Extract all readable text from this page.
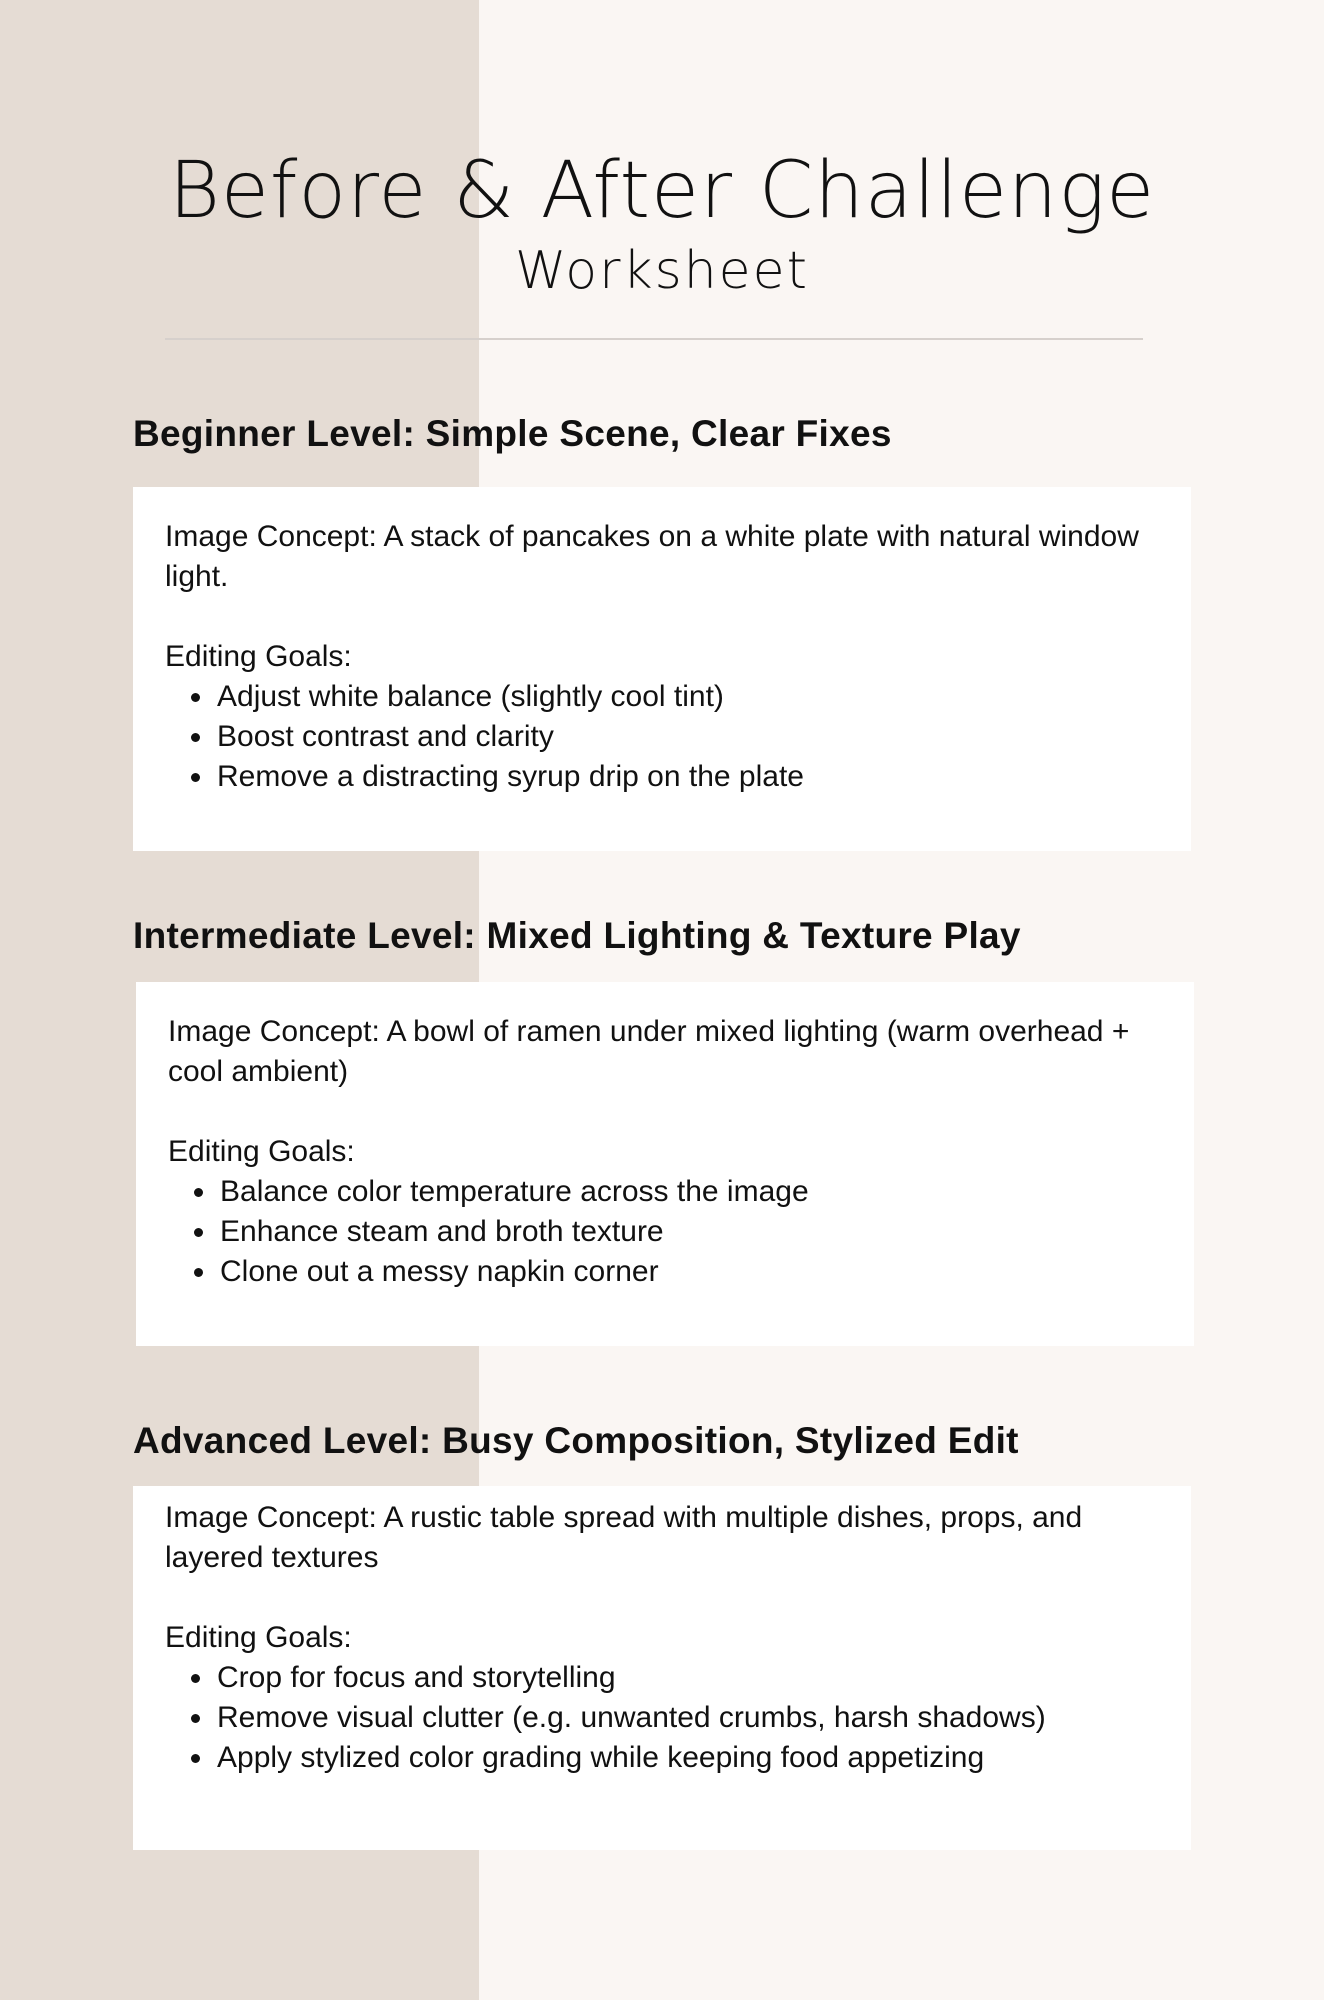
Before & After Challenge
Worksheet
Beginner Level: Simple Scene, Clear Fixes

Image Concept: A stack of pancakes on a white plate with natural window light.

Editing Goals:

• Adjust white balance (slightly cool tint)
• Boost contrast and clarity
• Remove a distracting syrup drip on the plate
Intermediate Level: Mixed Lighting & Texture Play

Image Concept: A bowl of ramen under mixed lighting (warm overhead + cool ambient)

Editing Goals:

• Balance color temperature across the image
• Enhance steam and broth texture
• Clone out a messy napkin corner
Advanced Level: Busy Composition, Stylized Edit

Image Concept: A rustic table spread with multiple dishes, props, and layered textures

Editing Goals:

• Crop for focus and storytelling
• Remove visual clutter (e.g. unwanted crumbs, harsh shadows)
• Apply stylized color grading while keeping food appetizing
